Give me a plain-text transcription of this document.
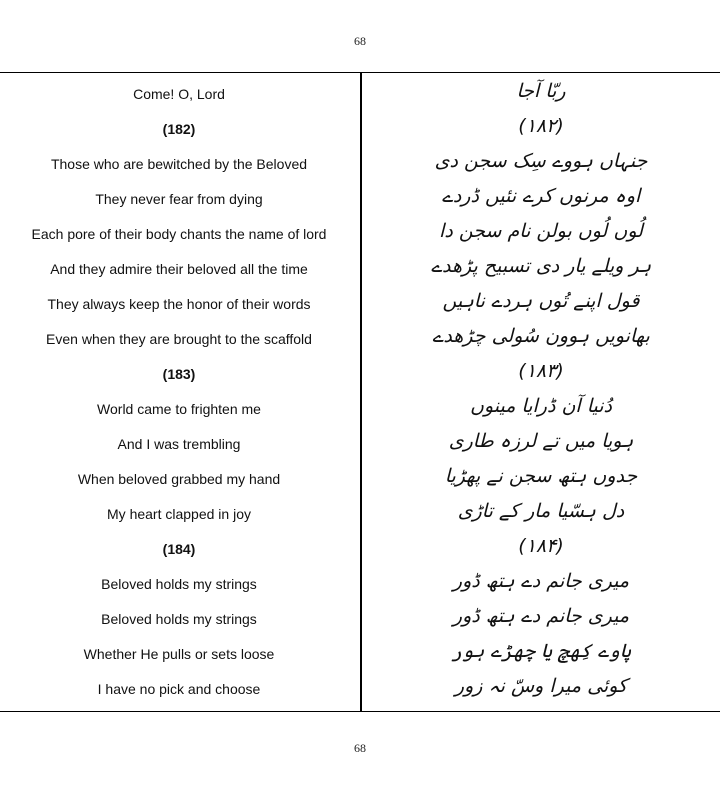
68
Come! O, Lord
(182)
Those who are bewitched by the Beloved
They never fear from dying
Each pore of their body chants the name of lord
And they admire their beloved all the time
They always keep the honor of their words
Even when they are brought to the scaffold
(183)
World came to frighten me
And I was trembling
When beloved grabbed my hand
My heart clapped in joy
(184)
Beloved holds my strings
Beloved holds my strings
Whether He pulls or sets loose
I have no pick and choose
ربّا آجا
(۱۸۲)
جنہاں ہووے سِک سجن دی
اوہ مرنوں کرے نئیں ڈردے
لُوں لُوں بولن نام سجن دا
ہر ویلے یار دی تسبیح پڑھدے
قول اپنے تُوں ہردے ناہیں
بھانویں ہوون سُولی چڑھدے
(۱۸۳)
دُنیا آن ڈرایا مینوں
ہویا میں تے لرزہ طاری
جدوں ہتھ سجن نے پھڑیا
دل ہسّیا مار کے تاڑی
(۱۸۴)
میری جانم دے ہتھ ڈور
میری جانم دے ہتھ ڈور
پاوے کِھچ یا چھڑے ہور
کوئی میرا وسّ نہ زور
68
